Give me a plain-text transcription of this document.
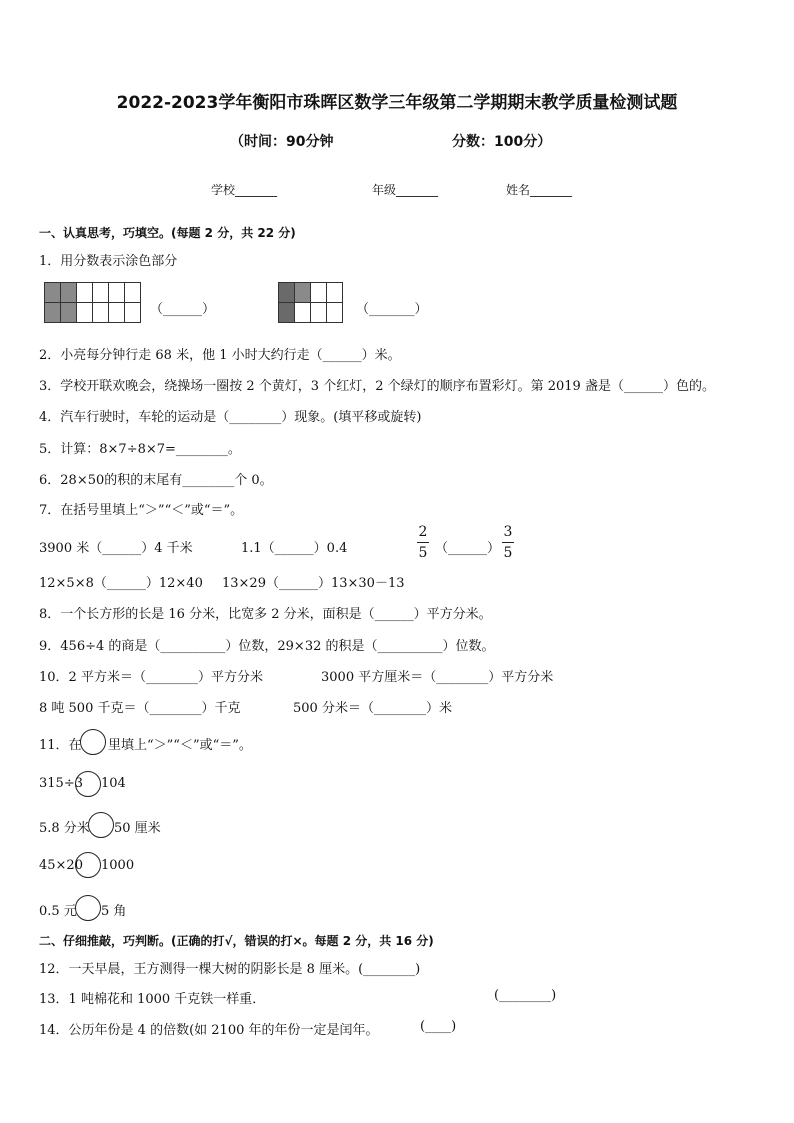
2022-2023学年衡阳市珠晖区数学三年级第二学期期末教学质量检测试题
（时间：90分钟	分数：100分）
学校_______	年级_______	姓名_______
一、认真思考，巧填空。(每题 2 分，共 22 分)
1．用分数表示涂色部分

（______）

				（_______）
2．小亮每分钟行走 68 米，他 1 小时大约行走（______）米。
3．学校开联欢晚会，绕操场一圈按 2 个黄灯，3 个红灯，2 个绿灯的顺序布置彩灯。第 2019 盏是（______）色的。
4．汽车行驶时，车轮的运动是（________）现象。(填平移或旋转)
5．计算：8×7÷8×7=________。
6．28×50的积的末尾有________个 0。
7．在括号里填上“＞”“＜”或“＝”。
3900 米（______）4 千米	1.1（______）0.4
2
5 （______）
3
5
12×5×8（______）12×40 13×29（______）13×30－13
8．一个长方形的长是 16 分米，比宽多 2 分米，面积是（______）平方分米。
9．456÷4 的商是（__________）位数，29×32 的积是（__________）位数。
10．2 平方米＝（________）平方分米	3000 平方厘米＝（________）平方分米
8 吨 500 千克＝（________）千克	500 分米＝（________）米
11．在 里填上“＞”“＜”或“＝”。
315÷3 104
5.8 分米 50 厘米
45×20 1000
0.5 元 5 角
二、仔细推敲，巧判断。(正确的打√，错误的打×。每题 2 分，共 16 分)
12．一天早晨，王方测得一棵大树的阴影长是 8 厘米。(________)
13．1 吨棉花和 1000 千克铁一样重．	(________)
14．公历年份是 4 的倍数(如 2100 年的年份一定是闰年。	(____)
